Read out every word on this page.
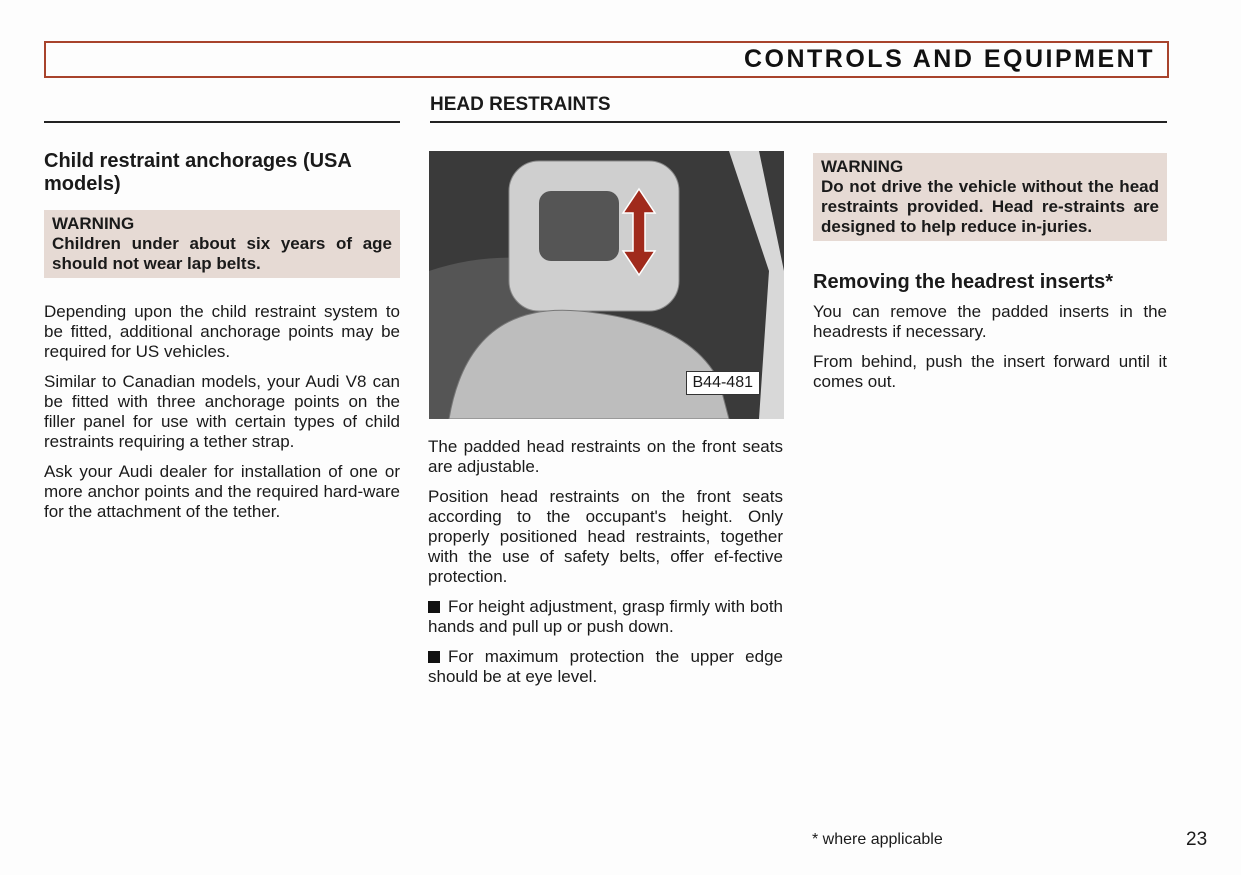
CONTROLS AND EQUIPMENT
HEAD RESTRAINTS
Child restraint anchorages (USA models)
WARNING
Children under about six years of age should not wear lap belts.

Depending upon the child restraint system to be fitted, additional anchorage points may be required for US vehicles.

Similar to Canadian models, your Audi V8 can be fitted with three anchorage points on the filler panel for use with certain types of child restraints requiring a tether strap.

Ask your Audi dealer for installation of one or more anchor points and the required hard-ware for the attachment of the tether.

B44-481

The padded head restraints on the front seats are adjustable.

Position head restraints on the front seats according to the occupant's height. Only properly positioned head restraints, together with the use of safety belts, offer ef-fective protection.

For height adjustment, grasp firmly with both hands and pull up or push down.

For maximum protection the upper edge should be at eye level.

WARNING
Do not drive the vehicle without the head restraints provided. Head re-straints are designed to help reduce in-juries.
Removing the headrest inserts*

You can remove the padded inserts in the headrests if necessary.

From behind, push the insert forward until it comes out.

* where applicable	23
